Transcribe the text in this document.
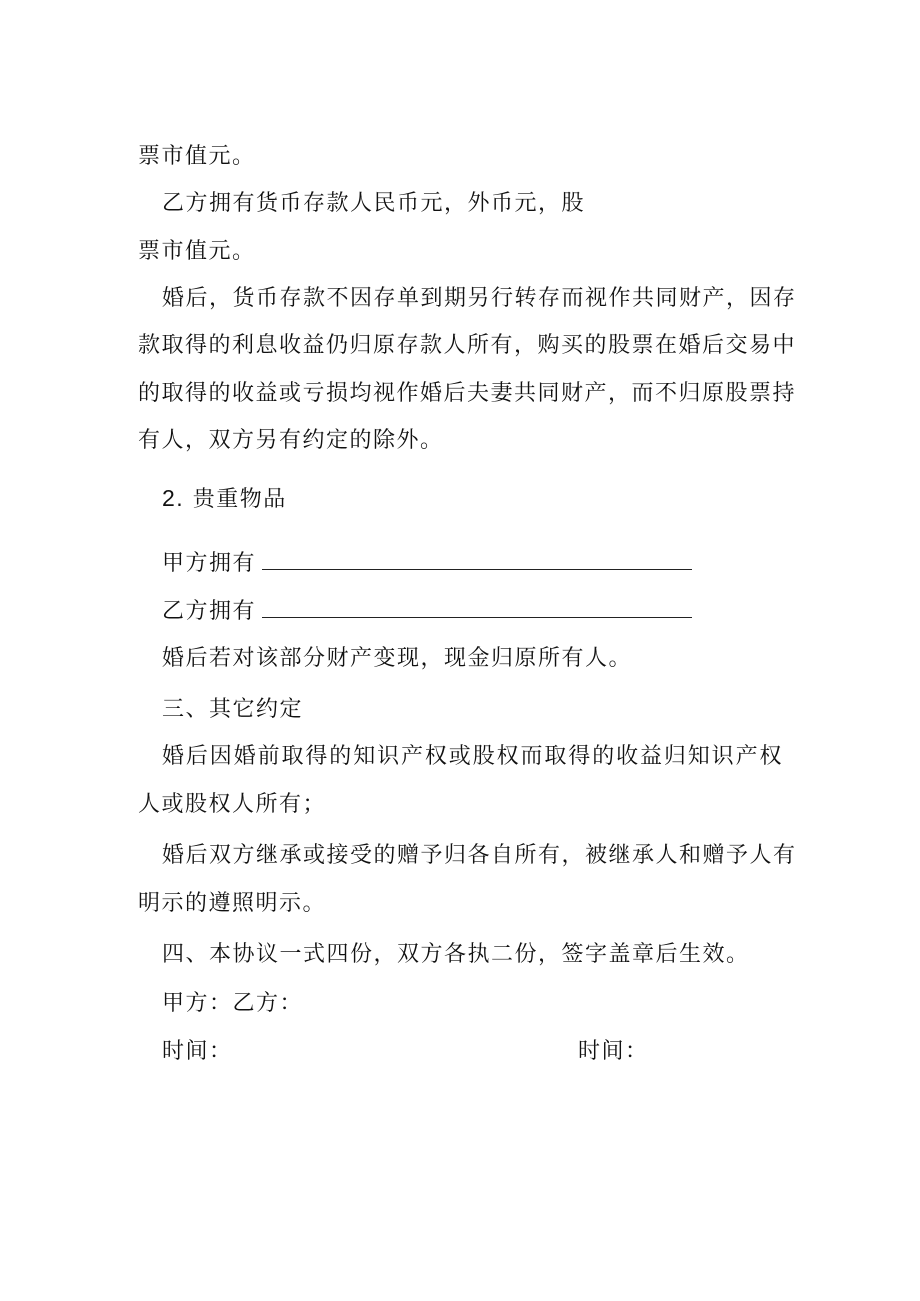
票市值元。
乙方拥有货币存款人民币元，外币元，股
票市值元。
婚后，货币存款不因存单到期另行转存而视作共同财产，因存
款取得的利息收益仍归原存款人所有，购买的股票在婚后交易中
的取得的收益或亏损均视作婚后夫妻共同财产，而不归原股票持
有人，双方另有约定的除外。
2. 贵重物品
甲方拥有
乙方拥有
婚后若对该部分财产变现，现金归原所有人。
三、其它约定
婚后因婚前取得的知识产权或股权而取得的收益归知识产权
人或股权人所有；
婚后双方继承或接受的赠予归各自所有，被继承人和赠予人有
明示的遵照明示。
四、本协议一式四份，双方各执二份，签字盖章后生效。
甲方：乙方：
时间：	时间：
